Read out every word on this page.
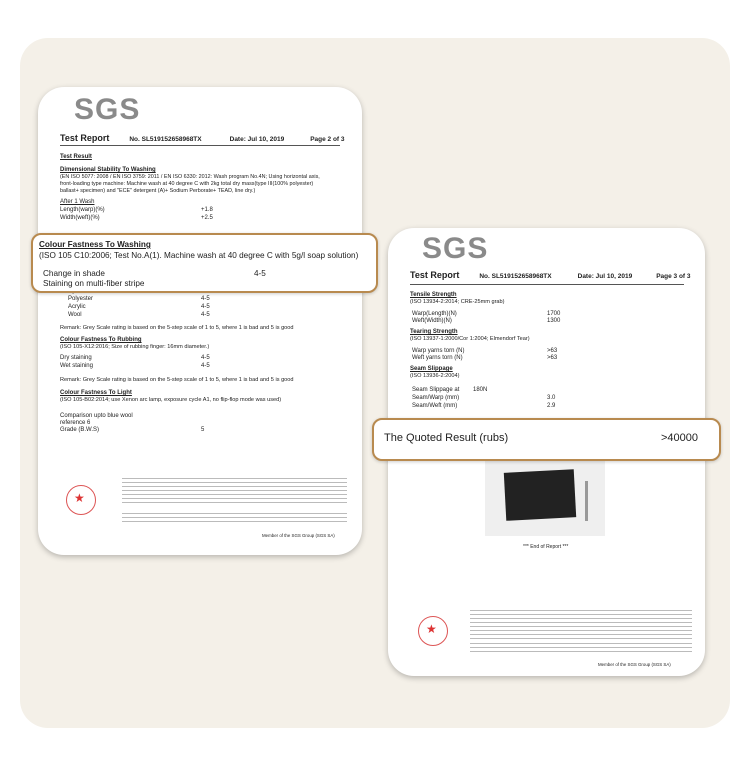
SGS
Test Report	No. SL519152658968TX	Date: Jul 10, 2019	Page 2 of 3
Test Result
Dimensional Stability To Washing
(EN ISO 5077: 2008 / EN ISO 3759: 2011 / EN ISO 6330: 2012: Wash program No.4N; Using horizontal axis,
front-loading type machine: Machine wash at 40 degree C with 2kg total dry mass(type III(100% polyester)
ballast+ specimen) and "ECE" detergent (A)+ Sodium Perborate+ TEAD, line dry.)
After 1 Wash
Length(warp)(%)	+1.8
Width(weft)(%)	+2.5
Polyester	4-5
Acrylic	4-5
Wool	4-5
Remark: Grey Scale rating is based on the 5-step scale of 1 to 5, where 1 is bad and 5 is good
Colour Fastness To Rubbing
(ISO 105-X12:2016; Size of rubbing finger: 16mm diameter.)
Dry staining	4-5
Wet staining	4-5
Remark: Grey Scale rating is based on the 5-step scale of 1 to 5, where 1 is bad and 5 is good
Colour Fastness To Light
(ISO 105-B02:2014; use Xenon arc lamp, exposure cycle A1, no flip-flop mode was used)
Comparison upto blue wool
reference 6
Grade (B.W.S)	5
★
Member of the SGS Group (SGS SA)
SGS
Test Report	No. SL519152658968TX	Date: Jul 10, 2019	Page 3 of 3
Tensile Strength
(ISO 13934-2:2014; CRE-25mm grab)
Warp(Length)(N)	1700
Weft(Width)(N)	1300
Tearing Strength
(ISO 13937-1:2000/Cor 1:2004; Elmendorf Tear)
Warp yarns torn (N)	>63
Weft yarns torn (N)	>63
Seam Slippage
(ISO 13936-2:2004)
Seam Slippage at 180N
Seam/Warp (mm)	3.0
Seam/Weft (mm)	2.9
*** End of Report ***
★
Member of the SGS Group (SGS SA)
Colour Fastness To Washing
(ISO 105 C10:2006; Test No.A(1). Machine wash at 40 degree C with 5g/l soap solution)
Change in shade	4-5
Staining on multi-fiber stripe
The Quoted Result (rubs)	>40000
